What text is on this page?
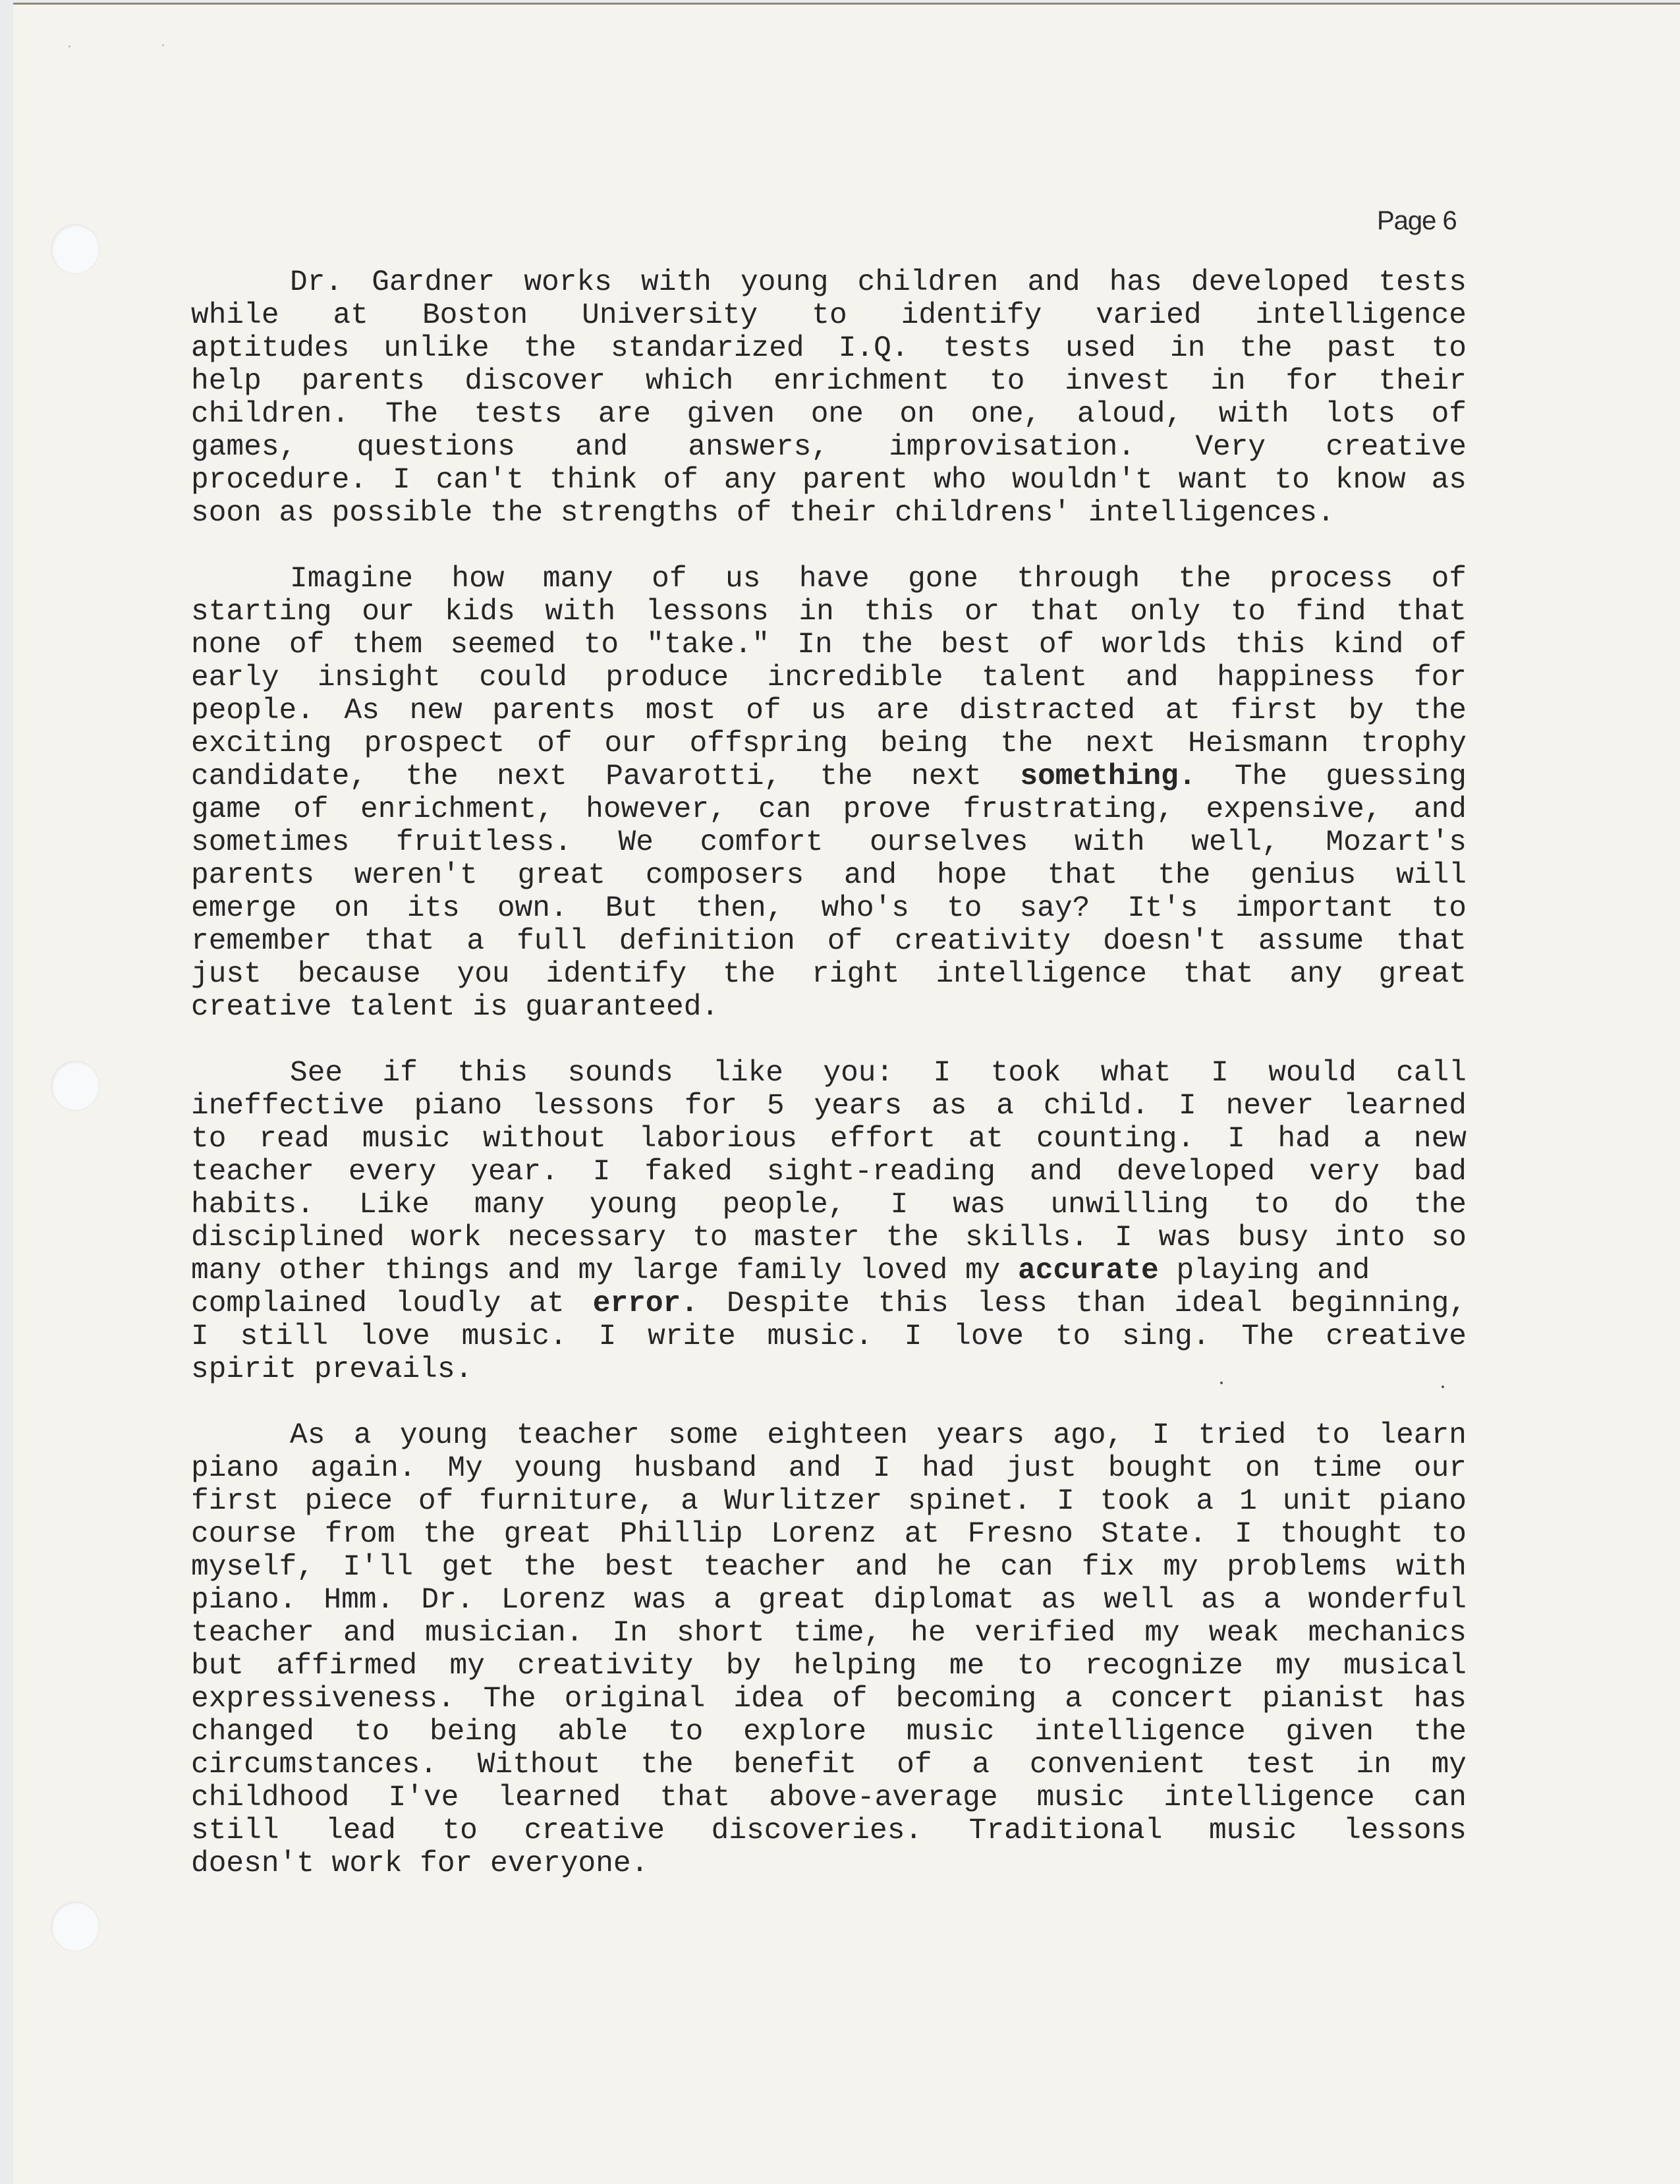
Page 6
Dr. Gardner works with young children and has developed tests
while at Boston University to identify varied intelligence
aptitudes unlike the standarized I.Q. tests used in the past to
help parents discover which enrichment to invest in for their
children. The tests are given one on one, aloud, with lots of
games, questions and answers, improvisation. Very creative
procedure. I can't think of any parent who wouldn't want to know as
soon as possible the strengths of their childrens' intelligences.
Imagine how many of us have gone through the process of
starting our kids with lessons in this or that only to find that
none of them seemed to "take." In the best of worlds this kind of
early insight could produce incredible talent and happiness for
people. As new parents most of us are distracted at first by the
exciting prospect of our offspring being the next Heismann trophy
candidate, the next Pavarotti, the next something. The guessing
game of enrichment, however, can prove frustrating, expensive, and
sometimes fruitless. We comfort ourselves with well, Mozart's
parents weren't great composers and hope that the genius will
emerge on its own. But then, who's to say? It's important to
remember that a full definition of creativity doesn't assume that
just because you identify the right intelligence that any great
creative talent is guaranteed.
See if this sounds like you: I took what I would call
ineffective piano lessons for 5 years as a child. I never learned
to read music without laborious effort at counting. I had a new
teacher every year. I faked sight-reading and developed very bad
habits. Like many young people, I was unwilling to do the
disciplined work necessary to master the skills. I was busy into so
many other things and my large family loved my accurate playing and
complained loudly at error. Despite this less than ideal beginning,
I still love music. I write music. I love to sing. The creative
spirit prevails.
As a young teacher some eighteen years ago, I tried to learn
piano again. My young husband and I had just bought on time our
first piece of furniture, a Wurlitzer spinet. I took a 1 unit piano
course from the great Phillip Lorenz at Fresno State. I thought to
myself, I'll get the best teacher and he can fix my problems with
piano. Hmm. Dr. Lorenz was a great diplomat as well as a wonderful
teacher and musician. In short time, he verified my weak mechanics
but affirmed my creativity by helping me to recognize my musical
expressiveness. The original idea of becoming a concert pianist has
changed to being able to explore music intelligence given the
circumstances. Without the benefit of a convenient test in my
childhood I've learned that above-average music intelligence can
still lead to creative discoveries. Traditional music lessons
doesn't work for everyone.
